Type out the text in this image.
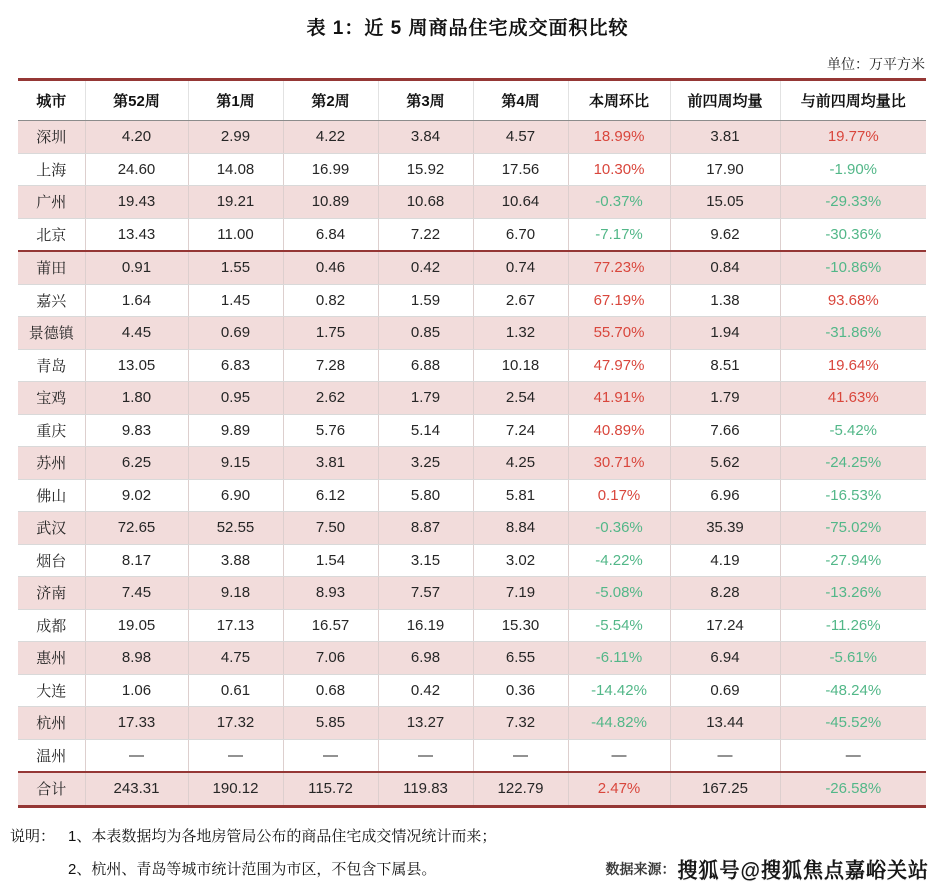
表 1：近 5 周商品住宅成交面积比较
单位：万平方米
城市	第52周	第1周	第2周	第3周	第4周	本周环比	前四周均量	与前四周均量比
深圳	4.20	2.99	4.22	3.84	4.57	18.99%	3.81	19.77%
上海	24.60	14.08	16.99	15.92	17.56	10.30%	17.90	-1.90%
广州	19.43	19.21	10.89	10.68	10.64	-0.37%	15.05	-29.33%
北京	13.43	11.00	6.84	7.22	6.70	-7.17%	9.62	-30.36%
莆田	0.91	1.55	0.46	0.42	0.74	77.23%	0.84	-10.86%
嘉兴	1.64	1.45	0.82	1.59	2.67	67.19%	1.38	93.68%
景德镇	4.45	0.69	1.75	0.85	1.32	55.70%	1.94	-31.86%
青岛	13.05	6.83	7.28	6.88	10.18	47.97%	8.51	19.64%
宝鸡	1.80	0.95	2.62	1.79	2.54	41.91%	1.79	41.63%
重庆	9.83	9.89	5.76	5.14	7.24	40.89%	7.66	-5.42%
苏州	6.25	9.15	3.81	3.25	4.25	30.71%	5.62	-24.25%
佛山	9.02	6.90	6.12	5.80	5.81	0.17%	6.96	-16.53%
武汉	72.65	52.55	7.50	8.87	8.84	-0.36%	35.39	-75.02%
烟台	8.17	3.88	1.54	3.15	3.02	-4.22%	4.19	-27.94%
济南	7.45	9.18	8.93	7.57	7.19	-5.08%	8.28	-13.26%
成都	19.05	17.13	16.57	16.19	15.30	-5.54%	17.24	-11.26%
惠州	8.98	4.75	7.06	6.98	6.55	-6.11%	6.94	-5.61%
大连	1.06	0.61	0.68	0.42	0.36	-14.42%	0.69	-48.24%
杭州	17.33	17.32	5.85	13.27	7.32	-44.82%	13.44	-45.52%
温州	—	—	—	—	—	—	—	—
合计	243.31	190.12	115.72	119.83	122.79	2.47%	167.25	-26.58%
说明： 1、本表数据均为各地房管局公布的商品住宅成交情况统计而来；
2、杭州、青岛等城市统计范围为市区，不包含下属县。	数据来源： 搜狐号@搜狐焦点嘉峪关站
